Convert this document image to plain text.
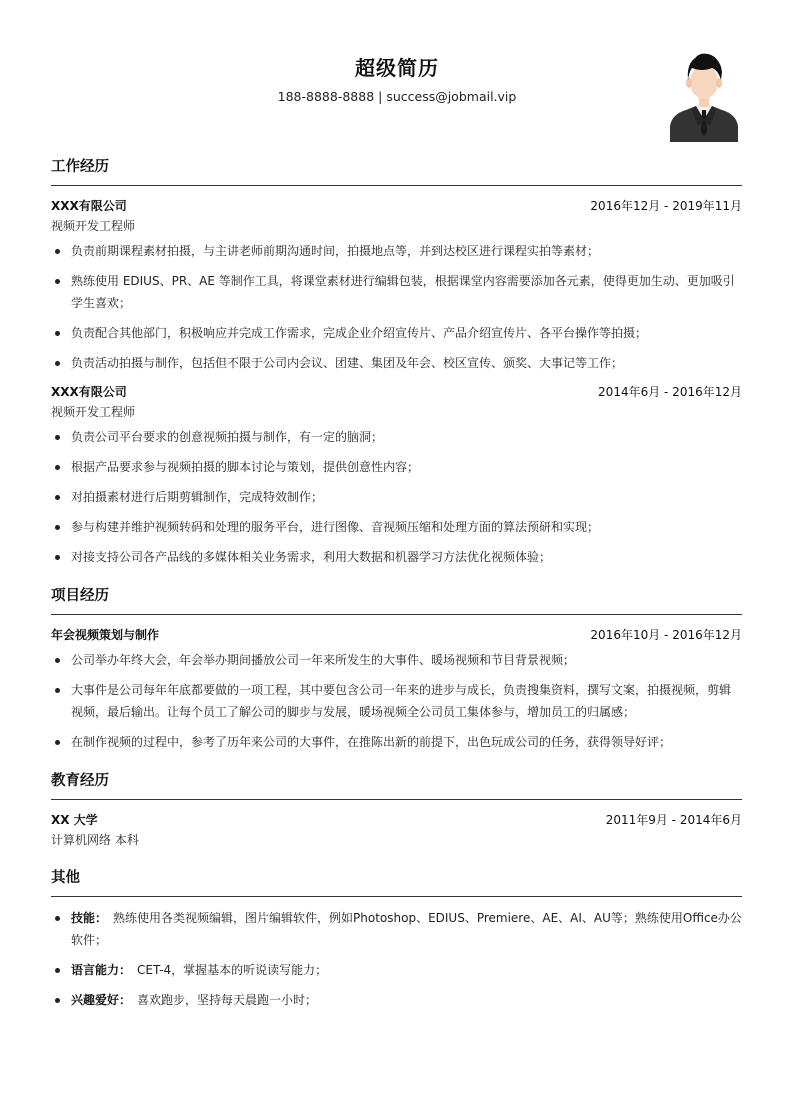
超级简历
188-8888-8888 | success@jobmail.vip
工作经历
XXX有限公司	2016年12月 - 2019年11月
视频开发工程师
负责前期课程素材拍摄，与主讲老师前期沟通时间，拍摄地点等，并到达校区进行课程实拍等素材；
熟练使用 EDIUS、PR、AE 等制作工具，将课堂素材进行编辑包装，根据课堂内容需要添加各元素，使得更加生动、更加吸引学生喜欢；
负责配合其他部门，积极响应并完成工作需求，完成企业介绍宣传片、产品介绍宣传片、各平台操作等拍摄；
负责活动拍摄与制作，包括但不限于公司内会议、团建、集团及年会、校区宣传、颁奖、大事记等工作；
XXX有限公司	2014年6月 - 2016年12月
视频开发工程师
负责公司平台要求的创意视频拍摄与制作，有一定的脑洞；
根据产品要求参与视频拍摄的脚本讨论与策划，提供创意性内容；
对拍摄素材进行后期剪辑制作，完成特效制作；
参与构建并维护视频转码和处理的服务平台，进行图像、音视频压缩和处理方面的算法预研和实现；
对接支持公司各产品线的多媒体相关业务需求，利用大数据和机器学习方法优化视频体验；
项目经历
年会视频策划与制作	2016年10月 - 2016年12月
公司举办年终大会，年会举办期间播放公司一年来所发生的大事件、暖场视频和节目背景视频；
大事件是公司每年年底都要做的一项工程，其中要包含公司一年来的进步与成长，负责搜集资料，撰写文案，拍摄视频，剪辑视频，最后输出。让每个员工了解公司的脚步与发展，暖场视频全公司员工集体参与，增加员工的归属感；
在制作视频的过程中，参考了历年来公司的大事件，在推陈出新的前提下，出色玩成公司的任务，获得领导好评；
教育经历
XX 大学	2011年9月 - 2014年6月
计算机网络 本科
其他
技能： 熟练使用各类视频编辑，图片编辑软件，例如Photoshop、EDIUS、Premiere、AE、AI、AU等；熟练使用Office办公软件；
语言能力： CET-4，掌握基本的听说读写能力；
兴趣爱好： 喜欢跑步，坚持每天晨跑一小时；
